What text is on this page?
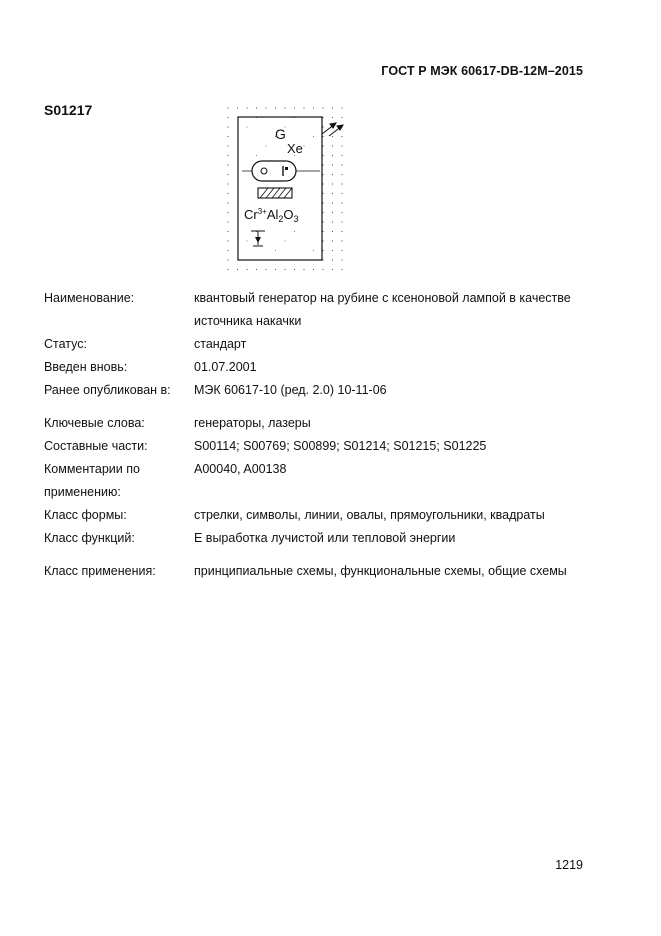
ГОСТ Р МЭК 60617-DB-12M–2015
S01217
G
Xe
$Cr^{3+}Al_2O_3$
Наименование:	квантовый генератор на рубине с ксеноновой лампой в качестве источника накачки
Статус:	стандарт
Введен вновь:	01.07.2001
Ранее опубликован в:	МЭК 60617-10 (ред. 2.0) 10-11-06
Ключевые слова:	генераторы, лазеры
Составные части:	S00114; S00769; S00899; S01214; S01215; S01225
Комментарии по применению:
A00040, A00138
Класс формы:	стрелки, символы, линии, овалы, прямоугольники, квадраты
Класс функций:	E выработка лучистой или тепловой энергии
Класс применения:	принципиальные схемы, функциональные схемы, общие схемы
1219
